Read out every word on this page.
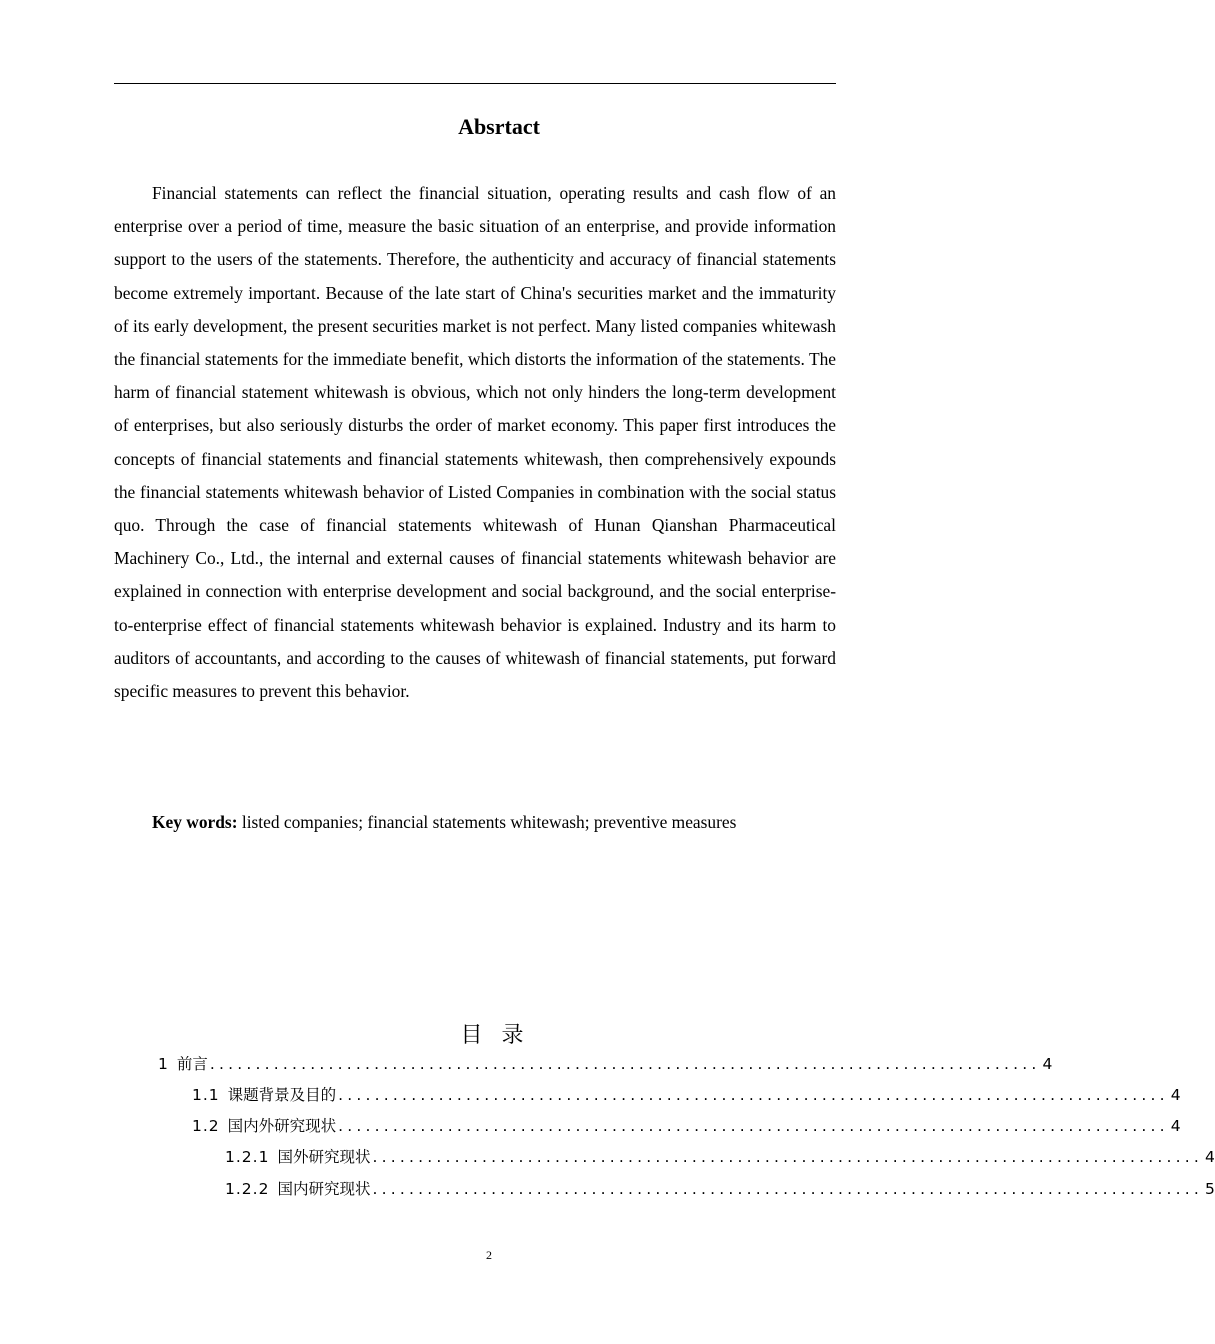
Absrtact

Financial statements can reflect the financial situation, operating results and cash flow of an enterprise over a period of time, measure the basic situation of an enterprise, and provide information support to the users of the statements. Therefore, the authenticity and accuracy of financial statements become extremely important. Because of the late start of China's securities market and the immaturity of its early development, the present securities market is not perfect. Many listed companies whitewash the financial statements for the immediate benefit, which distorts the information of the statements. The harm of financial statement whitewash is obvious, which not only hinders the long-term development of enterprises, but also seriously disturbs the order of market economy. This paper first introduces the concepts of financial statements and financial statements whitewash, then comprehensively expounds the financial statements whitewash behavior of Listed Companies in combination with the social status quo. Through the case of financial statements whitewash of Hunan Qianshan Pharmaceutical Machinery Co., Ltd., the internal and external causes of financial statements whitewash behavior are explained in connection with enterprise development and social background, and the social enterprise-to-enterprise effect of financial statements whitewash behavior is explained. Industry and its harm to auditors of accountants, and according to the causes of whitewash of financial statements, put forward specific measures to prevent this behavior.

Key words: listed companies; financial statements whitewash; preventive measures

目 录
1 前言 ........................................................................................... 4
1.1 课题背景及目的 ........................................................................................... 4
1.2 国内外研究现状 ........................................................................................... 4
1.2.1 国外研究现状 ........................................................................................... 4
1.2.2 国内研究现状 ........................................................................................... 5
2
